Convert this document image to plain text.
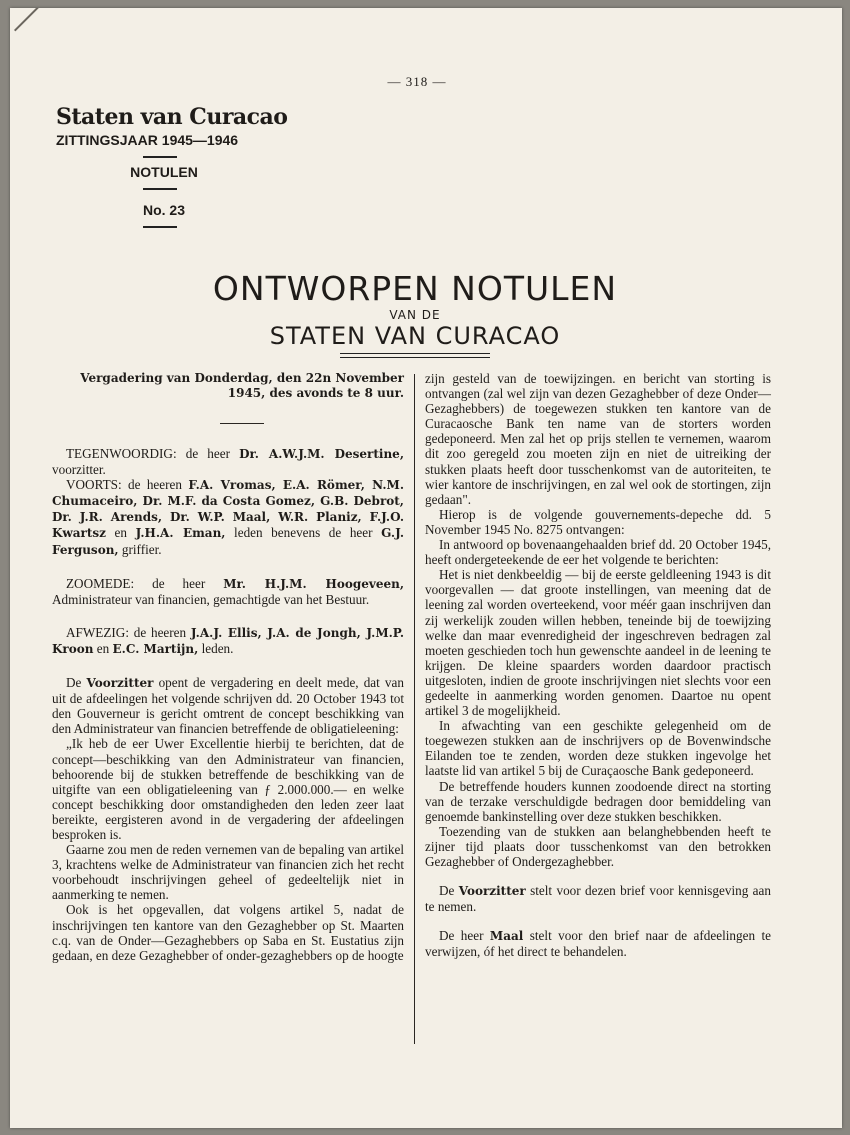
— 318 —
Staten van Curacao
ZITTINGSJAAR 1945—1946
NOTULEN
No. 23
ONTWORPEN NOTULEN
VAN DE
STATEN VAN CURACAO

Vergadering van Donderdag, den 22n November 1945, des avonds te 8 uur.

TEGENWOORDIG: de heer Dr. A.W.J.M. Desertine, voorzitter.

VOORTS: de heeren F.A. Vromas, E.A. Römer, N.M. Chumaceiro, Dr. M.F. da Costa Gomez, G.B. Debrot, Dr. J.R. Arends, Dr. W.P. Maal, W.R. Planiz, F.J.O. Kwartsz en J.H.A. Eman, leden benevens de heer G.J. Ferguson, griffier.

ZOOMEDE: de heer Mr. H.J.M. Hoogeveen, Administrateur van financien, gemachtigde van het Bestuur.

AFWEZIG: de heeren J.A.J. Ellis, J.A. de Jongh, J.M.P. Kroon en E.C. Martijn, leden.

De Voorzitter opent de vergadering en deelt mede, dat van uit de afdeelingen het volgende schrijven dd. 20 October 1943 tot den Gouverneur is gericht omtrent de concept beschikking van den Administrateur van financien betreffende de obligatieleening:

„Ik heb de eer Uwer Excellentie hierbij te berichten, dat de concept—beschikking van den Administrateur van financien, behoorende bij de stukken betreffende de beschikking van de uitgifte van een obligatieleening van ƒ 2.000.000.— en welke concept beschikking door omstandigheden den leden zeer laat bereikte, eergisteren avond in de vergadering der afdeelingen besproken is.

Gaarne zou men de reden vernemen van de bepaling van artikel 3, krachtens welke de Administrateur van financien zich het recht voorbehoudt inschrijvingen geheel of gedeeltelijk niet in aanmerking te nemen.

Ook is het opgevallen, dat volgens artikel 5, nadat de inschrijvingen ten kantore van den Gezaghebber op St. Maarten c.q. van de Onder—Gezaghebbers op Saba en St. Eustatius zijn gedaan, en deze Gezaghebber of onder-gezaghebbers op de hoogte

zijn gesteld van de toewijzingen. en bericht van storting is ontvangen (zal wel zijn van dezen Gezaghebber of deze Onder—Gezaghebbers) de toegewezen stukken ten kantore van de Curacaosche Bank ten name van de storters worden gedeponeerd. Men zal het op prijs stellen te vernemen, waarom dit zoo geregeld zou moeten zijn en niet de uitreiking der stukken plaats heeft door tusschenkomst van de autoriteiten, te wier kantore de inschrijvingen, en zal wel ook de stortingen, zijn gedaan".

Hierop is de volgende gouvernements-depeche dd. 5 November 1945 No. 8275 ontvangen:

In antwoord op bovenaangehaalden brief dd. 20 October 1945, heeft ondergeteekende de eer het volgende te berichten:

Het is niet denkbeeldig — bij de eerste geldleening 1943 is dit voorgevallen — dat groote instellingen, van meening dat de leening zal worden overteekend, voor méér gaan inschrijven dan zij werkelijk zouden willen hebben, teneinde bij de toewijzing welke dan maar evenredigheid der ingeschreven bedragen zal moeten geschieden toch hun gewenschte aandeel in de leening te krijgen. De kleine spaarders worden daardoor practisch uitgesloten, indien de groote inschrijvingen niet slechts voor een gedeelte in aanmerking worden genomen. Daartoe nu opent artikel 3 de mogelijkheid.

In afwachting van een geschikte gelegenheid om de toegewezen stukken aan de inschrijvers op de Bovenwindsche Eilanden toe te zenden, worden deze stukken ingevolge het laatste lid van artikel 5 bij de Curaçaosche Bank gedeponeerd.

De betreffende houders kunnen zoodoende direct na storting van de terzake verschuldigde bedragen door bemiddeling van genoemde bankinstelling over deze stukken beschikken.

Toezending van de stukken aan belanghebbenden heeft te zijner tijd plaats door tusschenkomst van den betrokken Gezaghebber of Ondergezaghebber.

De Voorzitter stelt voor dezen brief voor kennisgeving aan te nemen.

De heer Maal stelt voor den brief naar de afdeelingen te verwijzen, óf het direct te behandelen.
